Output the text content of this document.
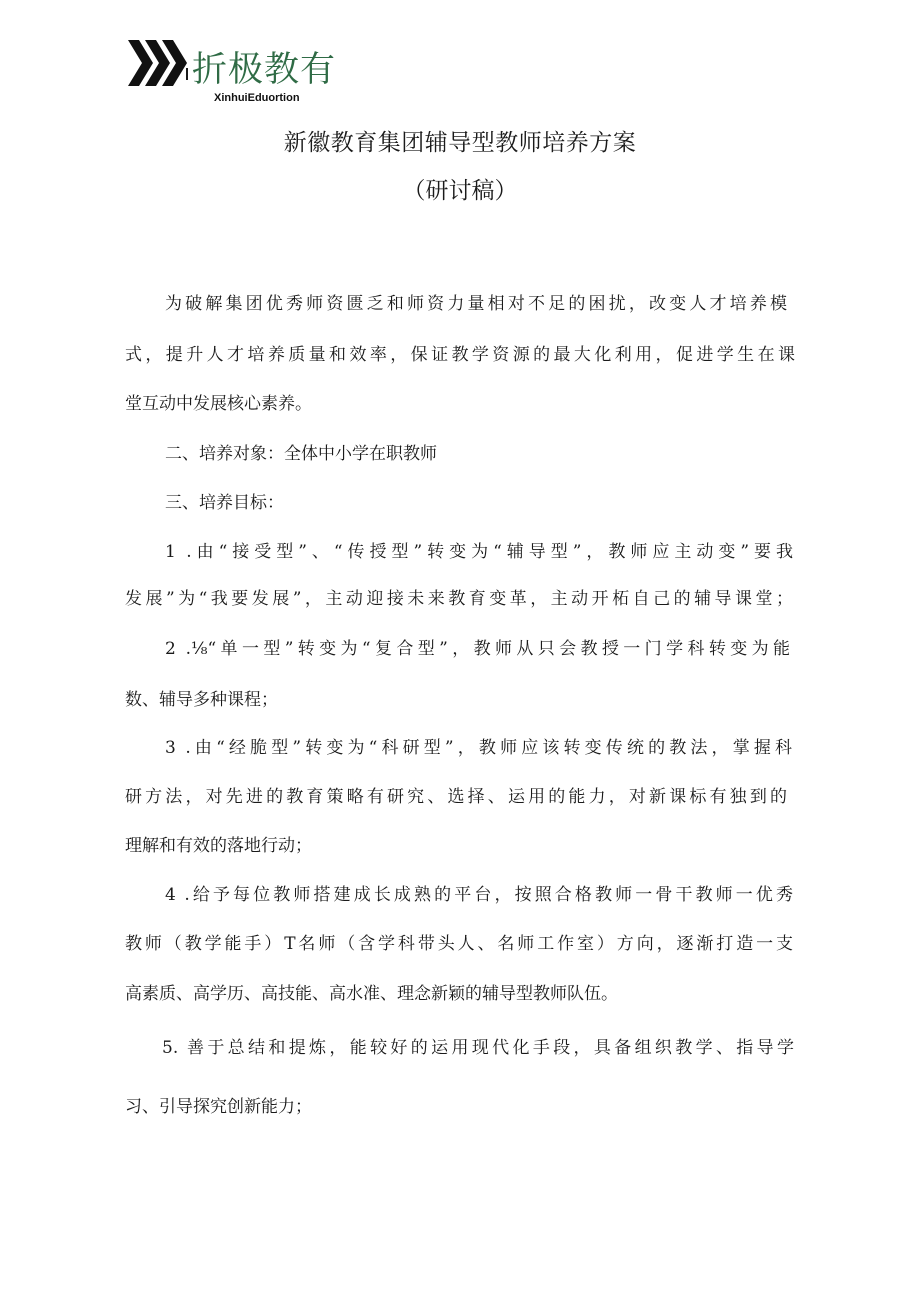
折极教有
XinhuiEduortion
新徽教育集团辅导型教师培养方案
（研讨稿）
为破解集团优秀师资匮乏和师资力量相对不足的困扰，改变人才培养模
式，提升人才培养质量和效率，保证教学资源的最大化利用，促进学生在课
堂互动中发展核心素养。
二、培养对象：全体中小学在职教师
三、培养目标：
1 .由“接受型”、“传授型”转变为“辅导型”，教师应主动变”要我
发展”为“我要发展”，主动迎接未来教育变革，主动开柘自己的辅导课堂；
2 .⅛“单一型”转变为“复合型”，教师从只会教授一门学科转变为能
数、辅导多种课程；
3 .由“经脆型”转变为“科研型”，教师应该转变传统的教法，掌握科
研方法，对先进的教育策略有研究、选择、运用的能力，对新课标有独到的
理解和有效的落地行动；
4 .给予每位教师搭建成长成熟的平台，按照合格教师一骨干教师一优秀
教师（教学能手）T名师（含学科带头人、名师工作室）方向，逐渐打造一支
高素质、高学历、高技能、高水准、理念新颖的辅导型教师队伍。
5. 善于总结和提炼，能较好的运用现代化手段，具备组织教学、指导学
习、引导探究创新能力；
